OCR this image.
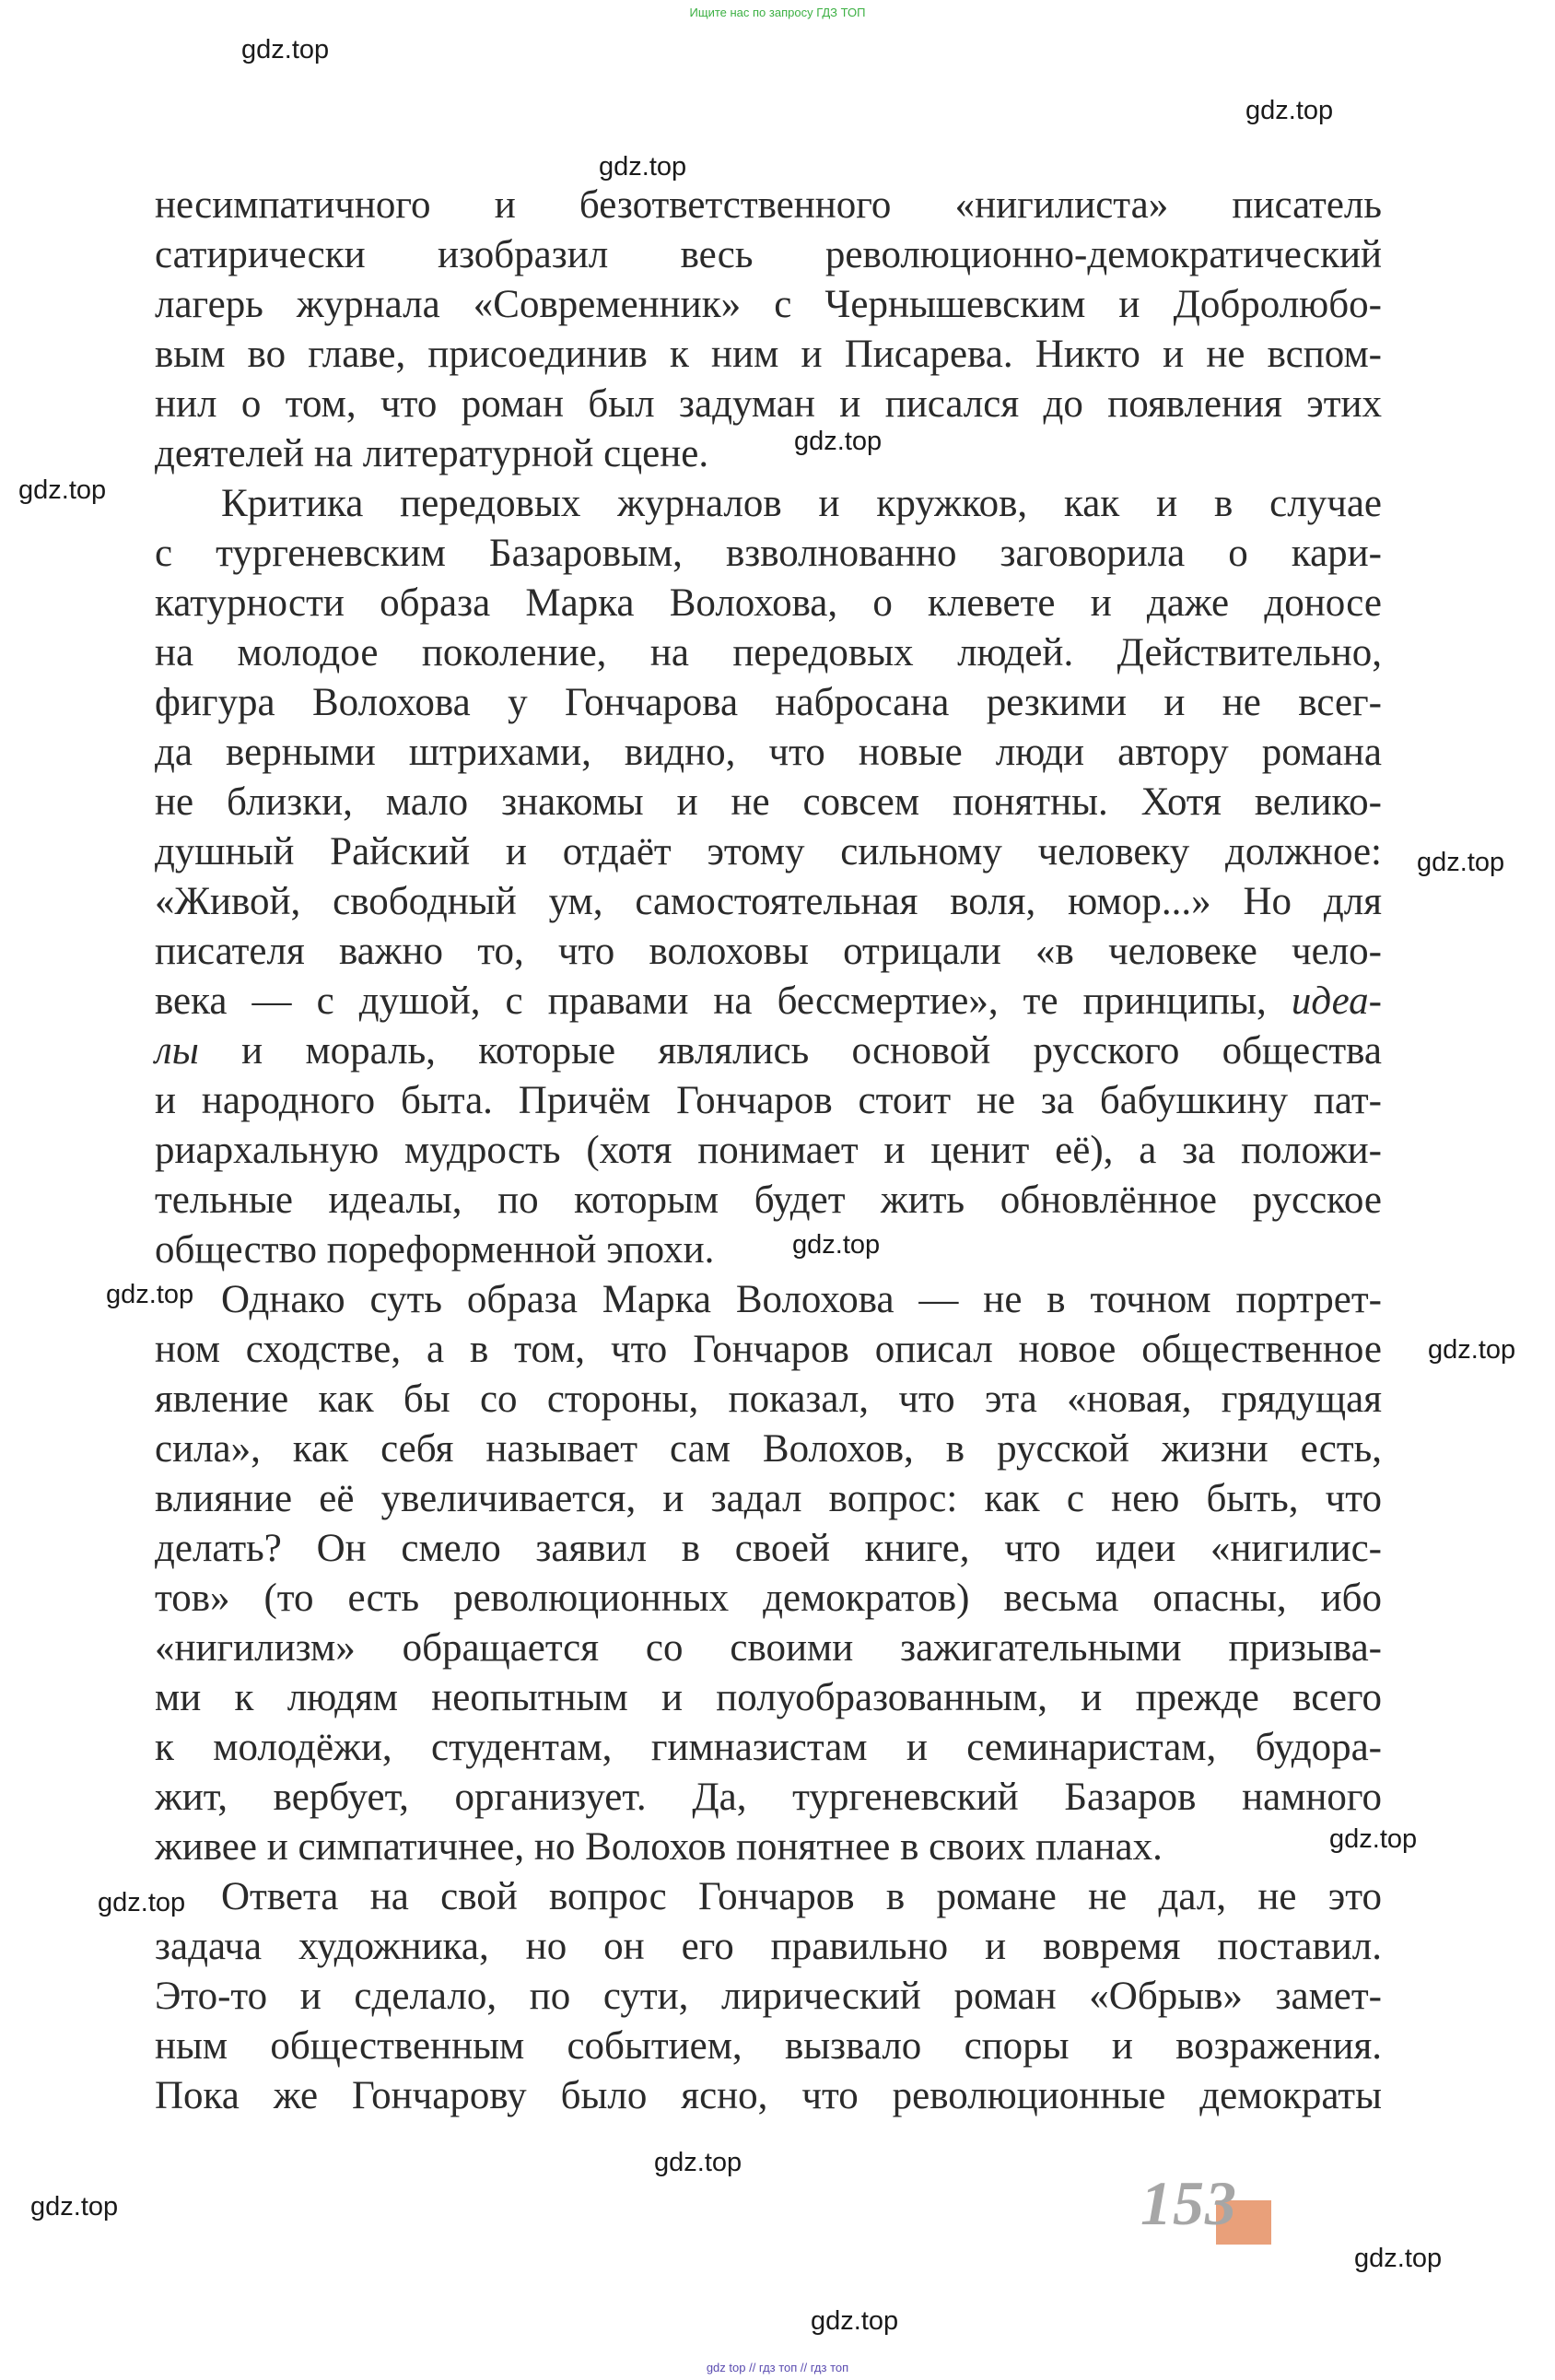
Ищите нас по запросу ГДЗ ТОП
несимпатичного и безответственного «нигилиста» писатель
сатирически изобразил весь революционно-демократический
лагерь журнала «Современник» с Чернышевским и Добролюбо-
вым во главе, присоединив к ним и Писарева. Никто и не вспом-
нил о том, что роман был задуман и писался до появления этих
деятелей на литературной сцене.
Критика передовых журналов и кружков, как и в случае
с тургеневским Базаровым, взволнованно заговорила о кари-
катурности образа Марка Волохова, о клевете и даже доносе
на молодое поколение, на передовых людей. Действительно,
фигура Волохова у Гончарова набросана резкими и не всег-
да верными штрихами, видно, что новые люди автору романа
не близки, мало знакомы и не совсем понятны. Хотя велико-
душный Райский и отдаёт этому сильному человеку должное:
«Живой, свободный ум, самостоятельная воля, юмор...» Но для
писателя важно то, что волоховы отрицали «в человеке чело-
века — с душой, с правами на бессмертие», те принципы, идеа-
лы и мораль, которые являлись основой русского общества
и народного быта. Причём Гончаров стоит не за бабушкину пат-
риархальную мудрость (хотя понимает и ценит её), а за положи-
тельные идеалы, по которым будет жить обновлённое русское
общество пореформенной эпохи.
Однако суть образа Марка Волохова — не в точном портрет-
ном сходстве, а в том, что Гончаров описал новое общественное
явление как бы со стороны, показал, что эта «новая, грядущая
сила», как себя называет сам Волохов, в русской жизни есть,
влияние её увеличивается, и задал вопрос: как с нею быть, что
делать? Он смело заявил в своей книге, что идеи «нигилис-
тов» (то есть революционных демократов) весьма опасны, ибо
«нигилизм» обращается со своими зажигательными призыва-
ми к людям неопытным и полуобразованным, и прежде всего
к молодёжи, студентам, гимназистам и семинаристам, будора-
жит, вербует, организует. Да, тургеневский Базаров намного
живее и симпатичнее, но Волохов понятнее в своих планах.
Ответа на свой вопрос Гончаров в романе не дал, не это
задача художника, но он его правильно и вовремя поставил.
Это-то и сделало, по сути, лирический роман «Обрыв» замет-
ным общественным событием, вызвало споры и возражения.
Пока же Гончарову было ясно, что революционные демократы
gdz.top
gdz.top
gdz.top
gdz.top
gdz.top
gdz.top
gdz.top
gdz.top
gdz.top
gdz.top
gdz.top
gdz.top
gdz.top
gdz.top
gdz.top
153
gdz top // гдз топ // гдз топ
